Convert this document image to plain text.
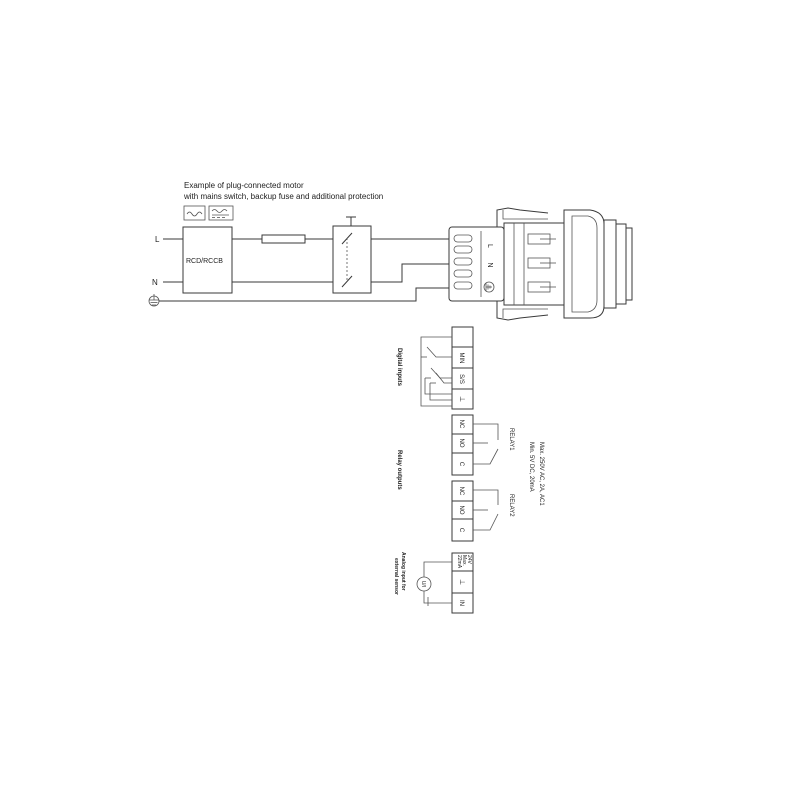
Example of plug-connected motor
with mains switch, backup fuse and additional protection
L
N
RCD/RCCB
L
N
Digital inputs	MIN
S/S
⊥
Relay outputs
NC
NO
C
RELAY1
NC
NO
C
RELAY2	Max. 250V AC, 2A, AC1
Min. 5V DC, 20mA
Analog input for
external sensor	24V
Max.
22mA
⊥
IN
U/I
